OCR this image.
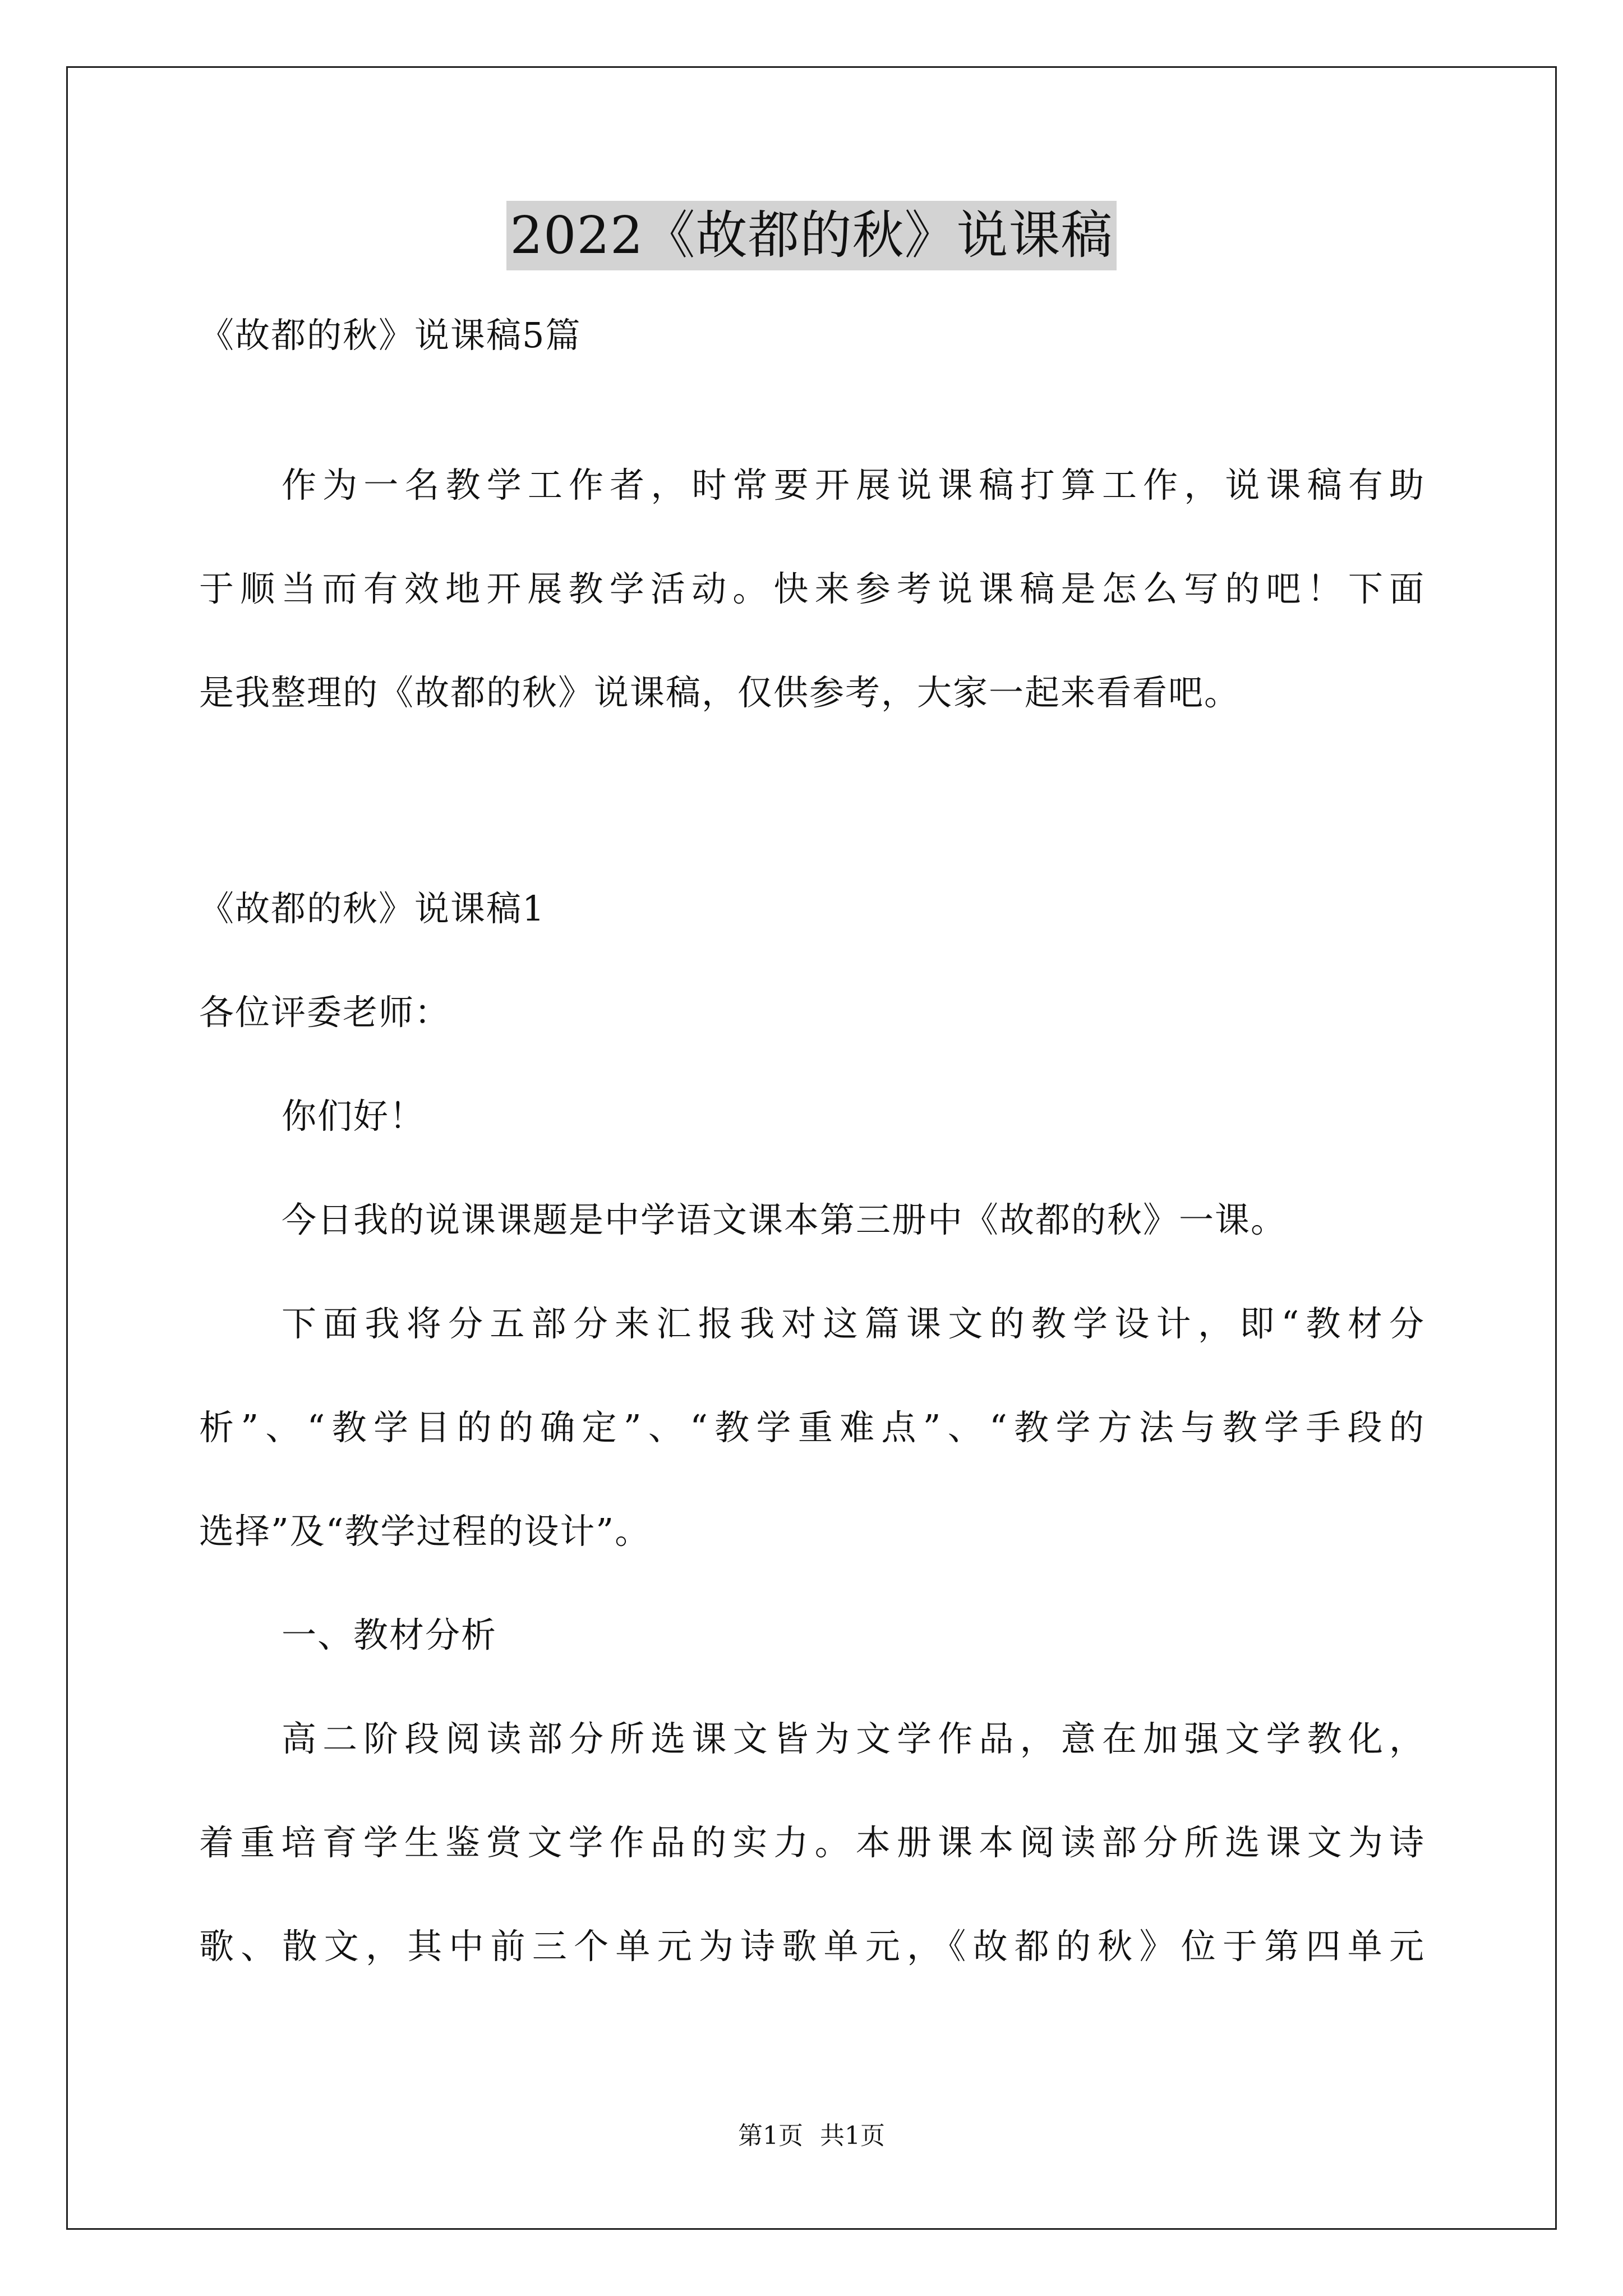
2022《故都的秋》说课稿
《故都的秋》说课稿5篇
作为一名教学工作者，时常要开展说课稿打算工作，说课稿有助
于顺当而有效地开展教学活动。快来参考说课稿是怎么写的吧！下面
是我整理的《故都的秋》说课稿，仅供参考，大家一起来看看吧。
《故都的秋》说课稿1
各位评委老师：
你们好！
今日我的说课课题是中学语文课本第三册中《故都的秋》一课。
下面我将分五部分来汇报我对这篇课文的教学设计，即“教材分
析”、“教学目的的确定”、“教学重难点”、“教学方法与教学手段的
选择”及“教学过程的设计”。
一、教材分析
高二阶段阅读部分所选课文皆为文学作品，意在加强文学教化，
着重培育学生鉴赏文学作品的实力。本册课本阅读部分所选课文为诗
歌、散文，其中前三个单元为诗歌单元，《故都的秋》位于第四单元
第1页 共1页
